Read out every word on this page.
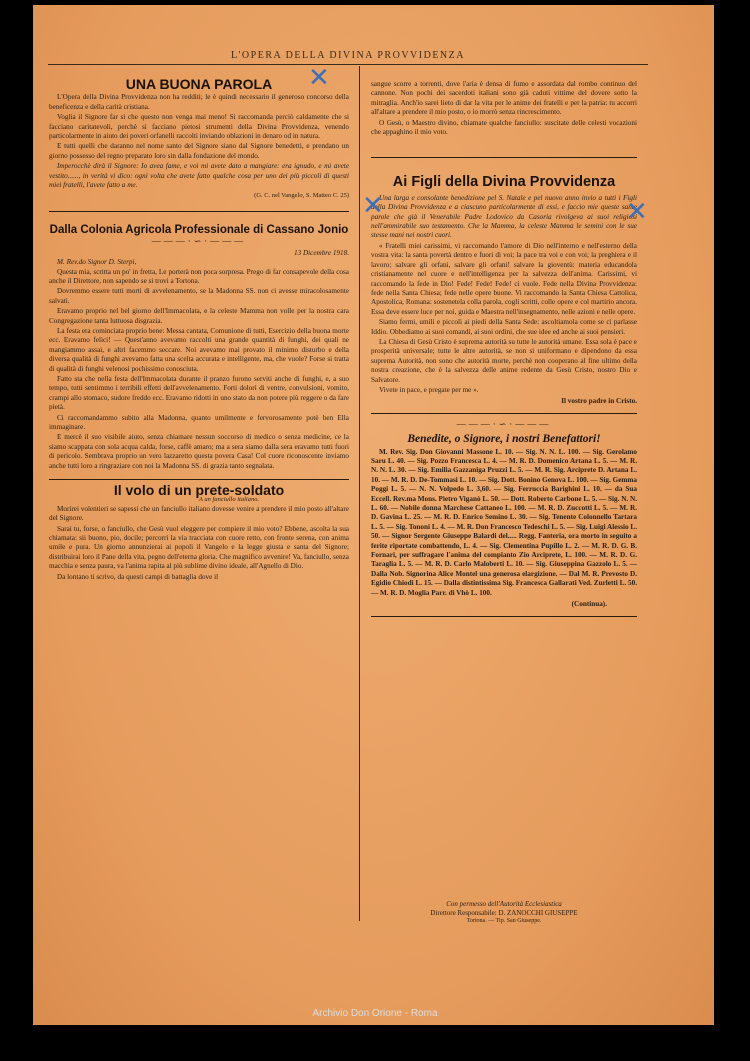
L'OPERA DELLA DIVINA PROVVIDENZA
UNA BUONA PAROLA

L'Opera della Divina Provvidenza non ha redditi; le è quindi necessario il generoso concorso della beneficenza e della carità cristiana.

Voglia il Signore far sì che questo non venga mai meno! Si raccomanda perciò caldamente che si facciano caritatevoli, perchè si facciano pietosi strumenti della Divina Provvidenza, venendo particolarmente in aiuto dei poveri orfanelli raccolti inviando oblazioni in denaro od in natura.

E tutti quelli che daranno nel nome santo del Signore siano dal Signore benedetti, e prendano un giorno possesso del regno preparato loro sin dalla fondazione del mondo.

Imperocchè dirà il Signore: Io avea fame, e voi mi avete dato a mangiare: era ignudo, e mi avete vestito......, in verità vi dico: ogni volta che avete fatto qualche cosa per uno dei più piccoli di questi miei fratelli, l'avete fatto a me.

(G. C. nel Vangelo, S. Matteo C. 25)
Dalla Colonia Agricola Professionale di Cassano Jonio
———·∽·———
13 Dicembre 1918.
M. Rev.do Signor D. Sterpi,

Questa mia, scritta un po' in fretta, Le porterà non poca sorpresa. Prego di far consapevole della cosa anche il Direttore, non sapendo se si trovi a Tortona.

Dovremmo essere tutti morti di avvelenamento, se la Madonna SS. non ci avesse miracolosamente salvati.

Eravamo proprio nel bel giorno dell'Immacolata, e la celeste Mamma non volle per la nostra cara Congregazione tanta luttuosa disgrazia.

La festa era cominciata proprio bene: Messa cantata, Comunione di tutti, Esercizio della buona morte ecc. Eravamo felici! — Quest'anno avevamo raccolti una grande quantità di funghi, dei quali ne mangiammo assai, e altri facemmo seccare. Noi avevamo mai provato il minimo disturbo e della diversa qualità di funghi avevamo fatta una scelta accurata e intelligente, ma, che vuole? Forse si tratta di qualità di funghi velenosi pochissimo conosciuta.

Fatto sta che nella festa dell'Immacolata durante il pranzo furono serviti anche di funghi, e, a suo tempo, tutti sentimmo i terribili effetti dell'avvelenamento. Forti dolori di ventre, convulsioni, vomito, crampi allo stomaco, sudore freddo ecc. Eravamo ridotti in uno stato da non potere più reggere o da fare pietà.

Ci raccomandammo subito alla Madonna, quanto umilmente e fervorosamente potè ben Ella immaginare.

E mercè il suo visibile aiuto, senza chiamare nessun soccorso di medico o senza medicine, ce la siamo scappata con sola acqua calda, forse, caffè amaro; ma a sera siamo dalla sera eravamo tutti fuori di pericolo. Sembrava proprio un vero lazzaretto questa povera Casa! Col cuore riconoscente inviamo anche tutti loro a ringraziare con noi la Madonna SS. di grazia tanto segnalata.

Il volo di un prete-soldato
A un fanciullo italiano.

Morirei volentieri se sapessi che un fanciullo italiano dovesse venire a prendere il mio posto all'altare del Signore.

Sarai tu, forse, o fanciullo, che Gesù vuol eleggere per compiere il mio voto? Ebbene, ascolta la sua chiamata: sii buono, pio, docile; percorri la via tracciata con cuore retto, con fronte serena, con anima umile e pura. Un giorno annunzierai ai popoli il Vangelo e la legge giusta e santa del Signore; distribuirai loro il Pane della vita, pegno dell'eterna gloria. Che magnifico avvenire! Va, fanciullo, senza macchia e senza paura, va l'anima rapita al più sublime divino ideale, all'Agnello di Dio.

Da lontano ti scrivo, da questi campi di battaglia dove il

sangue scorre a torrenti, dove l'aria è densa di fumo e assordata dal rombo continuo del cannone. Non pochi dei sacerdoti italiani sono già caduti vittime del dovere sotto la mitraglia. Anch'io sarei lieto di dar la vita per le anime dei fratelli e per la patria: tu accorri all'altare a prendere il mio posto, o io morrò senza rincrescimento.

O Gesù, o Maestro divino, chiamate qualche fanciullo: suscitate delle celesti vocazioni che appaghino il mio voto.

Ai Figli della Divina Provvidenza

Una larga e consolante benedizione pel S. Natale e pel nuovo anno invio a tutti i Figli della Divina Provvidenza e a ciascuno particolarmente di essi, e faccio mie queste sante parole che già il Venerabile Padre Lodovico da Casoria rivolgeva ai suoi religiosi nell'ammirabile suo testamento. Che la Mamma, la celeste Mamma le semini con le sue stesse mani nei nostri cuori.

« Fratelli miei carissimi, vi raccomando l'amore di Dio nell'interno e nell'esterno della vostra vita: la santa povertà dentro e fuori di voi; la pace tra voi e con voi; la preghiera e il lavoro; salvare gli orfani, salvare gli orfani! salvare la gioventù: materia educandola cristianamente nel cuore e nell'intelligenza per la salvezza dell'anima. Carissimi, vi raccomando la fede in Dio! Fede! Fede! Fede! ci vuole. Fede nella Divina Provvidenza: fede nella Santa Chiesa; fede nelle opere buone. Vi raccomando la Santa Chiesa Cattolica, Apostolica, Romana: sostenetela colla parola, cogli scritti, colle opere e col martirio ancora. Essa deve essere luce per noi, guida e Maestra nell'insegnamento, nelle azioni e nelle opere.

Siamo fermi, umili e piccoli ai piedi della Santa Sede: ascoltiamola come se ci parlasse Iddio. Obbediamo ai suoi comandi, ai suoi ordini, che sue idee ed anche ai suoi pensieri.

La Chiesa di Gesù Cristo è suprema autorità su tutte le autorità umane. Essa sola è pace e prosperità universale; tutte le altre autorità, se non si uniformano e dipendono da essa suprema Autorità, non sono che autorità morte, perchè non cooperano al fine ultimo della nostra creazione, che è la salvezza delle anime redente da Gesù Cristo, nostro Dio e Salvatore.

Vivete in pace, e pregate per me ».

Il vostro padre in Cristo.
———·∽·———
Benedite, o Signore, i nostri Benefattori!

M. Rev. Sig. Don Giovanni Massone L. 10. — Sig. N. N. L. 100. — Sig. Gerolamo Saru L. 40. — Sig. Pozzo Francesca L. 4. — M. R. D. Domenico Artana L. 5. — M. R. N. N. L. 30. — Sig. Emilia Gazzaniga Pruzzi L. 5. — M. R. Sig. Arciprete D. Artana L. 10. — M. R. D. De-Tommasi L. 10. — Sig. Dott. Bonino Genova L. 100. — Sig. Gemma Poggi L. 5. — N. N. Volpedo L. 3,60. — Sig. Ferruccia Barighini L. 10. — da Sua Eccell. Rev.ma Mons. Pietro Viganò L. 50. — Dott. Roberto Carbone L. 5. — Sig. N. N. L. 60. — Nobile donna Marchese Cattaneo L. 100. — M. R. D. Zuccotti L. 5. — M. R. D. Gavina L. 25. — M. R. D. Enrico Semino L. 30. — Sig. Tenente Colonnello Tartara L. 5. — Sig. Tononi L. 4. — M. R. Don Francesco Tedeschi L. 5. — Sig. Luigi Alessio L. 50. — Signor Sergente Giuseppe Balardi del..... Regg. Fanteria, ora morto in seguito a ferite riportate combattendo, L. 4. — Sig. Clementina Pupillo L. 2. — M. R. D. G. B. Fornari, per suffragare l'anima del compianto Zio Arciprete, L. 100. — M. R. D. G. Taraglia L. 5. — M. R. D. Carlo Maloberti L. 10. — Sig. Giuseppina Gazzolo L. 5. — Dalla Nob. Signorina Alice Montel una generosa elargizione. — Dal M. R. Prevosto D. Egidio Chiodi L. 15. — Dalla distintissima Sig. Francesca Gallarati Ved. Zurletti L. 50. — M. R. D. Moglia Parr. di Vhò L. 100.

(Continua).
Con permesso dell'Autorità Ecclesiastica
Direttore Responsabile: D. ZANOCCHI GIUSEPPE
Tortona. — Tip. San Giuseppe.
✕
✕	✕
Archivio Don Orione - Roma
